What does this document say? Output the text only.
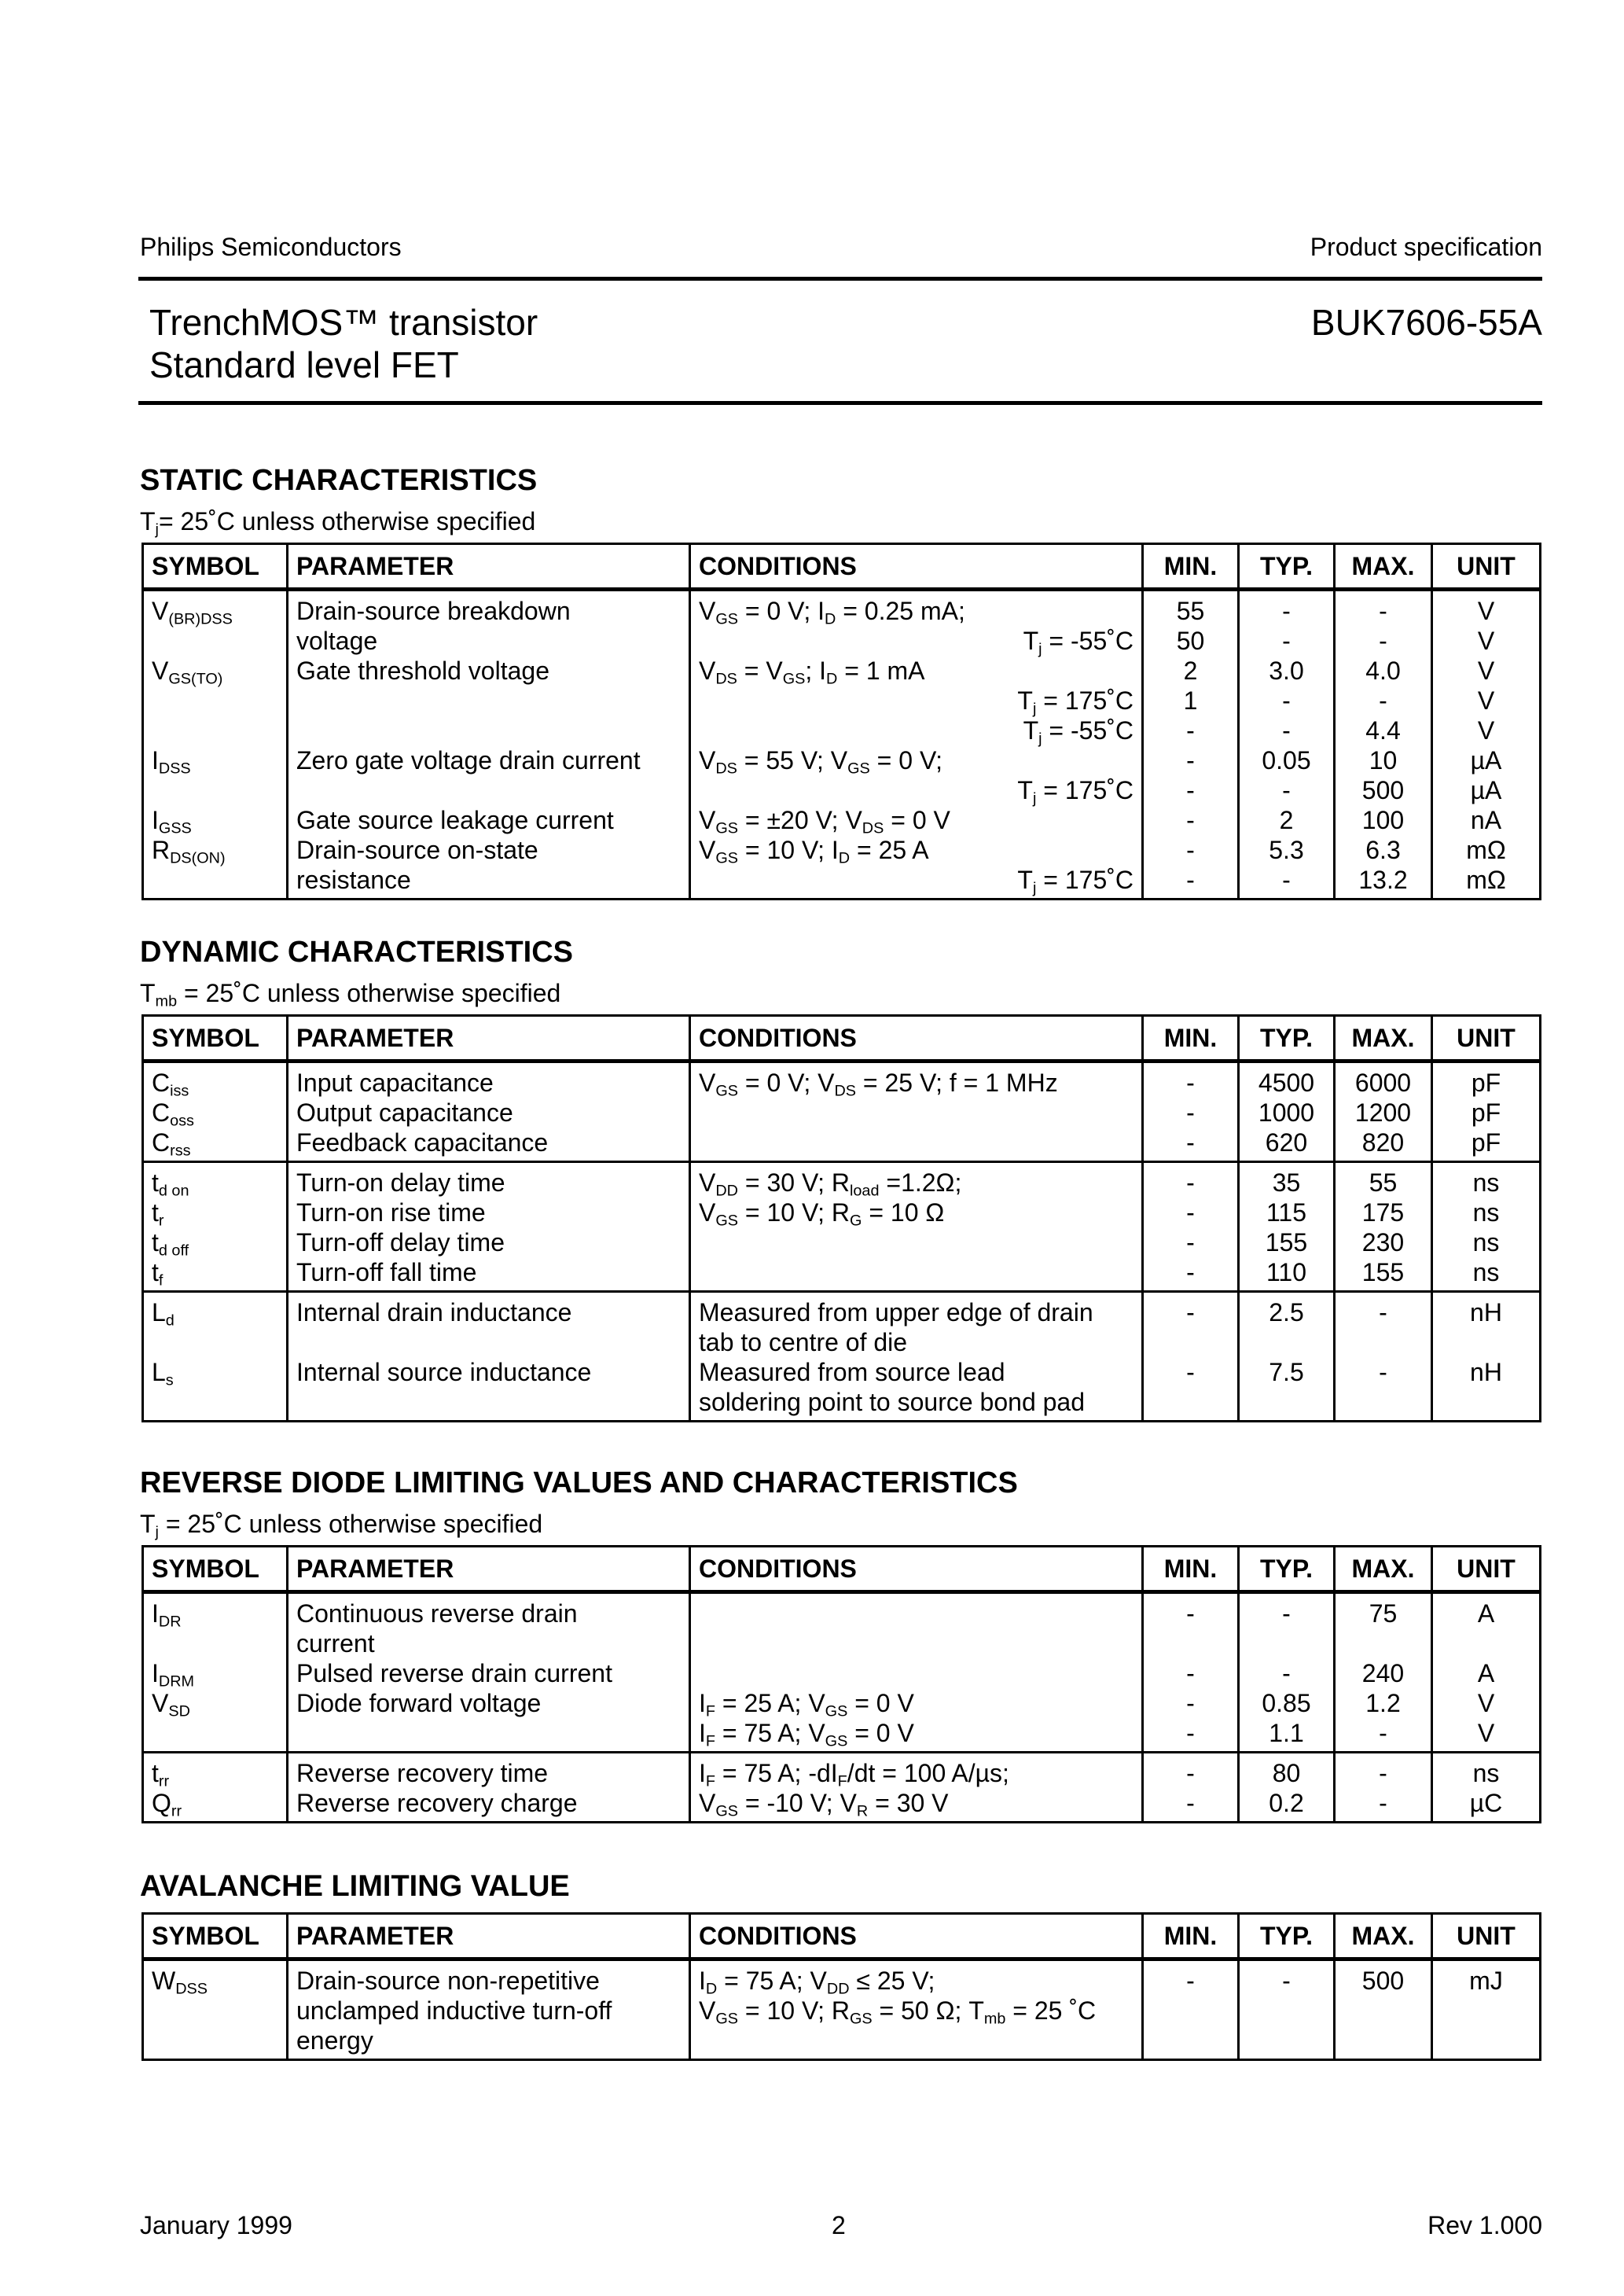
Philips Semiconductors	Product specification
TrenchMOS™ transistor
Standard level FET
BUK7606-55A
STATIC CHARACTERISTICS
$T_j=$ 25˚C unless otherwise specified
SYMBOL	PARAMETER	CONDITIONS	MIN.	TYP.	MAX.	UNIT
$V_{(BR)DSS}$	Drain-source breakdown	$V_{GS} = 0$ V; $I_D = 0.25$ mA;	55	-	-	V
	voltage	$T_j$ = -55˚C	50	-	-	V
$V_{GS(TO)}$	Gate threshold voltage	$V_{DS} = V_{GS}$; $I_D = 1$ mA	2	3.0	4.0	V
		$T_j$ = 175˚C	1	-	-	V
		$T_j$ = -55˚C	-	-	4.4	V
$I_{DSS}$	Zero gate voltage drain current	$V_{DS} = 55$ V; $V_{GS} = 0$ V;	-	0.05	10	µA
		$T_j$ = 175˚C	-	-	500	µA
$I_{GSS}$	Gate source leakage current	$V_{GS} = \pm 20$ V; $V_{DS} = 0$ V	-	2	100	nA
$R_{DS(ON)}$	Drain-source on-state	$V_{GS} = 10$ V; $I_D = 25$ A	-	5.3	6.3	mΩ
	resistance	$T_j$ = 175˚C	-	-	13.2	mΩ
DYNAMIC CHARACTERISTICS
$T_{mb}$ = 25˚C unless otherwise specified
SYMBOL	PARAMETER	CONDITIONS	MIN.	TYP.	MAX.	UNIT
$C_{iss}$	Input capacitance	$V_{GS} = 0$ V; $V_{DS} = 25$ V; f = 1 MHz	-	4500	6000	pF
$C_{oss}$	Output capacitance		-	1000	1200	pF
$C_{rss}$	Feedback capacitance		-	620	820	pF
$t_{d on}$	Turn-on delay time	$V_{DD} = 30$ V; $R_{load} =1.2\Omega$;	-	35	55	ns
$t_r$	Turn-on rise time	$V_{GS} = 10$ V; $R_G = 10$ Ω	-	115	175	ns
$t_{d off}$	Turn-off delay time		-	155	230	ns
$t_f$	Turn-off fall time		-	110	155	ns
$L_d$	Internal drain inductance	Measured from upper edge of drain	-	2.5	-	nH
		tab to centre of die				
$L_s$	Internal source inductance	Measured from source lead	-	7.5	-	nH
		soldering point to source bond pad				
REVERSE DIODE LIMITING VALUES AND CHARACTERISTICS
$T_j$ = 25˚C unless otherwise specified
SYMBOL	PARAMETER	CONDITIONS	MIN.	TYP.	MAX.	UNIT
$I_{DR}$	Continuous reverse drain		-	-	75	A
	current					
$I_{DRM}$	Pulsed reverse drain current		-	-	240	A
$V_{SD}$	Diode forward voltage	$I_F = 25$ A; $V_{GS} = 0$ V	-	0.85	1.2	V
		$I_F = 75$ A; $V_{GS} = 0$ V	-	1.1	-	V
$t_{rr}$	Reverse recovery time	$I_F = 75$ A; $-dI_F/dt = 100$ A/µs;	-	80	-	ns
$Q_{rr}$	Reverse recovery charge	$V_{GS} = -10$ V; $V_R = 30$ V	-	0.2	-	µC
AVALANCHE LIMITING VALUE
SYMBOL	PARAMETER	CONDITIONS	MIN.	TYP.	MAX.	UNIT
$W_{DSS}$	Drain-source non-repetitive	$I_D = 75$ A; $V_{DD} \le 25$ V;	-	-	500	mJ
	unclamped inductive turn-off	$V_{GS} = 10$ V; $R_{GS} = 50$ Ω; $T_{mb} = 25$ ˚C				
	energy					
January 1999	2	Rev 1.000
